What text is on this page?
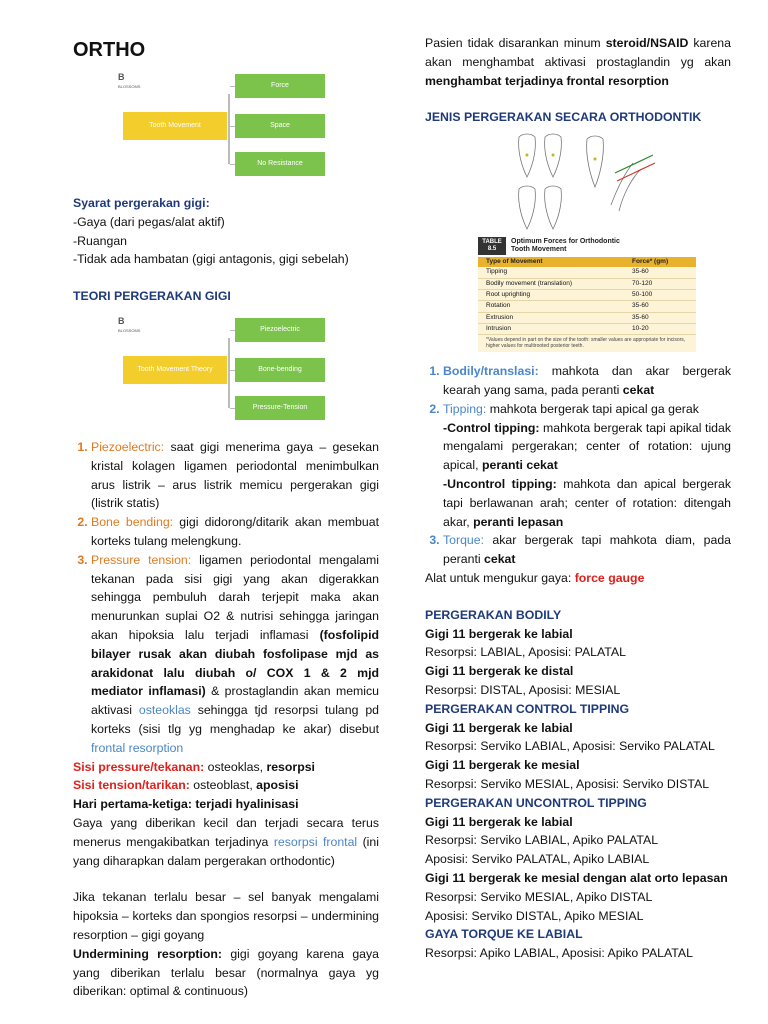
ORTHO
B
BLOSSOMS
Tooth Movement
Force
Space
No Resistance

Syarat pergerakan gigi:

-Gaya (dari pegas/alat aktif)

-Ruangan

-Tidak ada hambatan (gigi antagonis, gigi sebelah)

TEORI PERGERAKAN GIGI

B
BLOSSOMS
Tooth Movement Theory
Piezoelectric
Bone-bending
Pressure-Tension
1. Piezoelectric: saat gigi menerima gaya – gesekan kristal kolagen ligamen periodontal menimbulkan arus listrik – arus listrik memicu pergerakan gigi (listrik statis)
2. Bone bending: gigi didorong/ditarik akan membuat korteks tulang melengkung.
3. Pressure tension: ligamen periodontal mengalami tekanan pada sisi gigi yang akan digerakkan sehingga pembuluh darah terjepit maka akan menurunkan suplai O2 & nutrisi sehingga jaringan akan hipoksia lalu terjadi inflamasi (fosfolipid bilayer rusak akan diubah fosfolipase mjd as arakidonat lalu diubah o/ COX 1 & 2 mjd mediator inflamasi) & prostaglandin akan memicu aktivasi osteoklas sehingga tjd resorpsi tulang pd korteks (sisi tlg yg menghadap ke akar) disebut frontal resorption

Sisi pressure/tekanan: osteoklas, resorpsi

Sisi tension/tarikan: osteoblast, aposisi

Hari pertama-ketiga: terjadi hyalinisasi

Gaya yang diberikan kecil dan terjadi secara terus menerus mengakibatkan terjadinya resorpsi frontal (ini yang diharapkan dalam pergerakan orthodontic)

Jika tekanan terlalu besar – sel banyak mengalami hipoksia – korteks dan spongios resorpsi – undermining resorption – gigi goyang

Undermining resorption: gigi goyang karena gaya yang diberikan terlalu besar (normalnya gaya yg diberikan: optimal & continuous)

Pasien tidak disarankan minum steroid/NSAID karena akan menghambat aktivasi prostaglandin yg akan menghambat terjadinya frontal resorption

JENIS PERGERAKAN SECARA ORTHODONTIK

TABLE 8.5
Optimum Forces for Orthodontic
Tooth Movement
Type of Movement	Force* (gm)
Tipping	35-60
Bodily movement (translation)	70-120
Root uprighting	50-100
Rotation	35-60
Extrusion	35-60
Intrusion	10-20
*Values depend in part on the size of the tooth: smaller values are appropriate for incisors, higher values for multirooted posterior teeth.
1. Bodily/translasi: mahkota dan akar bergerak kearah yang sama, pada peranti cekat
2. Tipping: mahkota bergerak tapi apical ga gerak
-Control tipping: mahkota bergerak tapi apikal tidak mengalami pergerakan; center of rotation: ujung apical, peranti cekat
-Uncontrol tipping: mahkota dan apical bergerak tapi berlawanan arah; center of rotation: ditengah akar, peranti lepasan
3. Torque: akar bergerak tapi mahkota diam, pada peranti cekat

Alat untuk mengukur gaya: force gauge

PERGERAKAN BODILY

Gigi 11 bergerak ke labial

Resorpsi: LABIAL, Aposisi: PALATAL

Gigi 11 bergerak ke distal

Resorpsi: DISTAL, Aposisi: MESIAL

PERGERAKAN CONTROL TIPPING

Gigi 11 bergerak ke labial

Resorpsi: Serviko LABIAL, Aposisi: Serviko PALATAL

Gigi 11 bergerak ke mesial

Resorpsi: Serviko MESIAL, Aposisi: Serviko DISTAL

PERGERAKAN UNCONTROL TIPPING

Gigi 11 bergerak ke labial

Resorpsi: Serviko LABIAL, Apiko PALATAL

Aposisi: Serviko PALATAL, Apiko LABIAL

Gigi 11 bergerak ke mesial dengan alat orto lepasan

Resorpsi: Serviko MESIAL, Apiko DISTAL

Aposisi: Serviko DISTAL, Apiko MESIAL

GAYA TORQUE KE LABIAL

Resorpsi: Apiko LABIAL, Aposisi: Apiko PALATAL
